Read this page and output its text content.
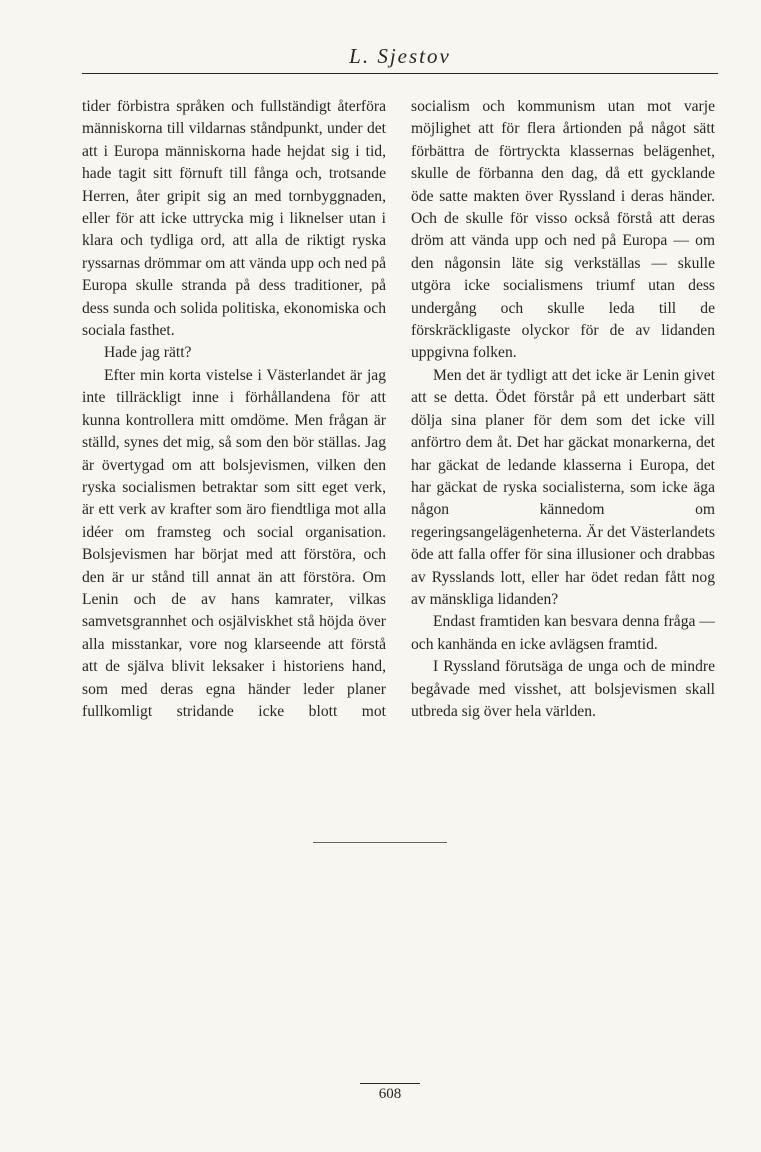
L. Sjestov

tider förbistra språken och fullständigt återföra människorna till vildarnas ståndpunkt, under det att i Europa människorna hade hejdat sig i tid, hade tagit sitt förnuft till fånga och, trotsande Herren, åter gripit sig an med tornbyggnaden, eller för att icke uttrycka mig i liknelser utan i klara och tydliga ord, att alla de riktigt ryska ryssarnas drömmar om att vända upp och ned på Europa skulle stranda på dess traditioner, på dess sunda och solida politiska, ekonomiska och sociala fasthet.

Hade jag rätt?

Efter min korta vistelse i Västerlandet är jag inte tillräckligt inne i förhållandena för att kunna kontrollera mitt omdöme. Men frågan är ställd, synes det mig, så som den bör ställas. Jag är övertygad om att bolsjevismen, vilken den ryska socialismen betraktar som sitt eget verk, är ett verk av krafter som äro fiendtliga mot alla idéer om framsteg och social organisation. Bolsjevismen har börjat med att förstöra, och den är ur stånd till annat än att förstöra. Om Lenin och de av hans kamrater, vilkas samvetsgrannhet och osjälviskhet stå höjda över alla misstankar, vore nog klarseende att förstå att de själva blivit leksaker i historiens hand, som med deras egna händer leder planer fullkomligt stridande icke blott mot

socialism och kommunism utan mot varje möjlighet att för flera årtionden på något sätt förbättra de förtryckta klassernas belägenhet, skulle de förbanna den dag, då ett gycklande öde satte makten över Ryssland i deras händer. Och de skulle för visso också förstå att deras dröm att vända upp och ned på Europa — om den någonsin läte sig verkställas — skulle utgöra icke socialismens triumf utan dess undergång och skulle leda till de förskräckligaste olyckor för de av lidanden uppgivna folken.

Men det är tydligt att det icke är Lenin givet att se detta. Ödet förstår på ett underbart sätt dölja sina planer för dem som det icke vill anförtro dem åt. Det har gäckat monarkerna, det har gäckat de ledande klasserna i Europa, det har gäckat de ryska socialisterna, som icke äga någon kännedom om regeringsangelägenheterna. Är det Västerlandets öde att falla offer för sina illusioner och drabbas av Rysslands lott, eller har ödet redan fått nog av mänskliga lidanden?

Endast framtiden kan besvara denna fråga — och kanhända en icke avlägsen framtid.

I Ryssland förutsäga de unga och de mindre begåvade med visshet, att bolsjevismen skall utbreda sig över hela världen.

608
